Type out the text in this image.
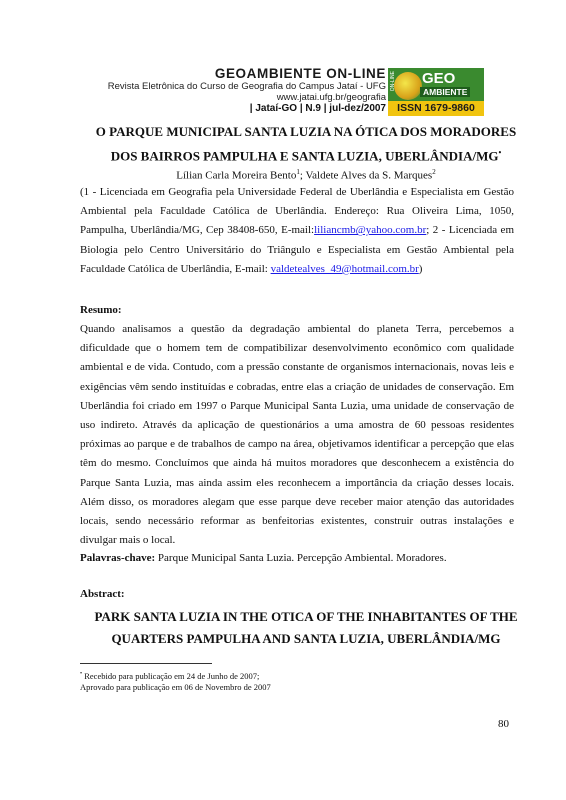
GEOAMBIENTE ON-LINE
Revista Eletrônica do Curso de Geografia do Campus Jataí - UFG
www.jatai.ufg.br/geografia
| Jataí-GO | N.9 | jul-dez/2007
ON-LINE GEO
AMBIENTE
ISSN 1679-9860
O PARQUE MUNICIPAL SANTA LUZIA NA ÓTICA DOS MORADORES
DOS BAIRROS PAMPULHA E SANTA LUZIA, UBERLÂNDIA/MG•
Lílian Carla Moreira Bento$^1$; Valdete Alves da S. Marques$^2$
(1 - Licenciada em Geografia pela Universidade Federal de Uberlândia e Especialista em Gestão
Ambiental pela Faculdade Católica de Uberlândia. Endereço: Rua Oliveira Lima, 1050,
Pampulha, Uberlândia/MG, Cep 38408-650, E-mail:liliancmb@yahoo.com.br; 2 - Licenciada em
Biologia pelo Centro Universitário do Triângulo e Especialista em Gestão Ambiental pela
Faculdade Católica de Uberlândia, E-mail: valdetealves_49@hotmail.com.br)
Resumo:
Quando analisamos a questão da degradação ambiental do planeta Terra, percebemos a
dificuldade que o homem tem de compatibilizar desenvolvimento econômico com qualidade
ambiental e de vida. Contudo, com a pressão constante de organismos internacionais, novas leis e
exigências vêm sendo instituídas e cobradas, entre elas a criação de unidades de conservação. Em
Uberlândia foi criado em 1997 o Parque Municipal Santa Luzia, uma unidade de conservação de
uso indireto. Através da aplicação de questionários a uma amostra de 60 pessoas residentes
próximas ao parque e de trabalhos de campo na área, objetivamos identificar a percepção que elas
têm do mesmo. Concluímos que ainda há muitos moradores que desconhecem a existência do
Parque Santa Luzia, mas ainda assim eles reconhecem a importância da criação desses locais.
Além disso, os moradores alegam que esse parque deve receber maior atenção das autoridades
locais, sendo necessário reformar as benfeitorias existentes, construir outras instalações e
divulgar mais o local.
Palavras-chave: Parque Municipal Santa Luzia. Percepção Ambiental. Moradores.
Abstract:
PARK SANTA LUZIA IN THE OTICA OF THE INHABITANTES OF THE
QUARTERS PAMPULHA AND SANTA LUZIA, UBERLÂNDIA/MG
• Recebido para publicação em 24 de Junho de 2007;
Aprovado para publicação em 06 de Novembro de 2007
80
